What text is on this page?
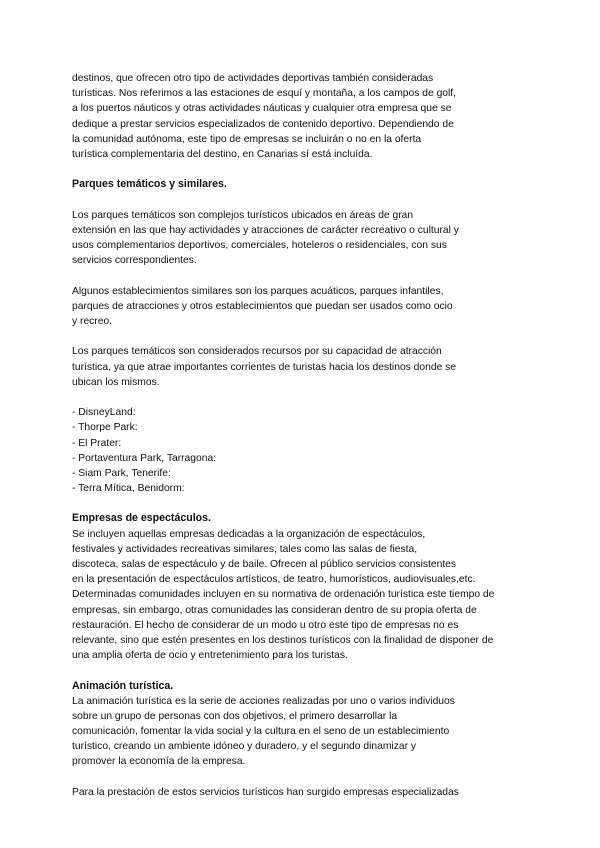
destinos, que ofrecen otro tipo de actividades deportivas también consideradas
turísticas. Nos referimos a las estaciones de esquí y montaña, a los campos de golf,
a los puertos náuticos y otras actividades náuticas y cualquier otra empresa que se
dedique a prestar servicios especializados de contenido deportivo. Dependiendo de
la comunidad autónoma, este tipo de empresas se incluirán o no en la oferta
turística complementaria del destino, en Canarias sí está incluída.
Parques temáticos y similares.
Los parques temáticos son complejos turísticos ubicados en áreas de gran
extensión en las que hay actividades y atracciones de carácter recreativo o cultural y
usos complementarios deportivos, comerciales, hoteleros o residenciales, con sus
servicios correspondientes.
Algunos establecimientos similares son los parques acuáticos, parques infantiles,
parques de atracciones y otros establecimientos que puedan ser usados como ocio
y recreo.
Los parques temáticos son considerados recursos por su capacidad de atracción
turística, ya que atrae importantes corrientes de turistas hacia los destinos donde se
ubican los mismos.
- DisneyLand:
- Thorpe Park:
- El Prater:
- Portaventura Park, Tarragona:
- Siam Park, Tenerife:
- Terra Mítica, Benidorm:
Empresas de espectáculos.
Se incluyen aquellas empresas dedicadas a la organización de espectáculos,
festivales y actividades recreativas similares, tales como las salas de fiesta,
discoteca, salas de espectáculo y de baile. Ofrecen al público servicios consistentes
en la presentación de espectáculos artísticos, de teatro, humorísticos, audiovisuales,etc.
Determinadas comunidades incluyen en su normativa de ordenación turística este tiempo de
empresas, sin embargo, otras comunidades las consideran dentro de su propia oferta de
restauración. El hecho de considerar de un modo u otro este tipo de empresas no es
relevante, sino que estén presentes en los destinos turísticos con la finalidad de disponer de
una amplia oferta de ocio y entretenimiento para los turistas.
Animación turística.
La animación turística es la serie de acciones realizadas por uno o varios individuos
sobre un grupo de personas con dos objetivos, el primero desarrollar la
comunicación, fomentar la vida social y la cultura en el seno de un establecimiento
turístico, creando un ambiente idóneo y duradero, y el segundo dinamizar y
promover la economía de la empresa.
Para la prestación de estos servicios turísticos han surgido empresas especializadas
